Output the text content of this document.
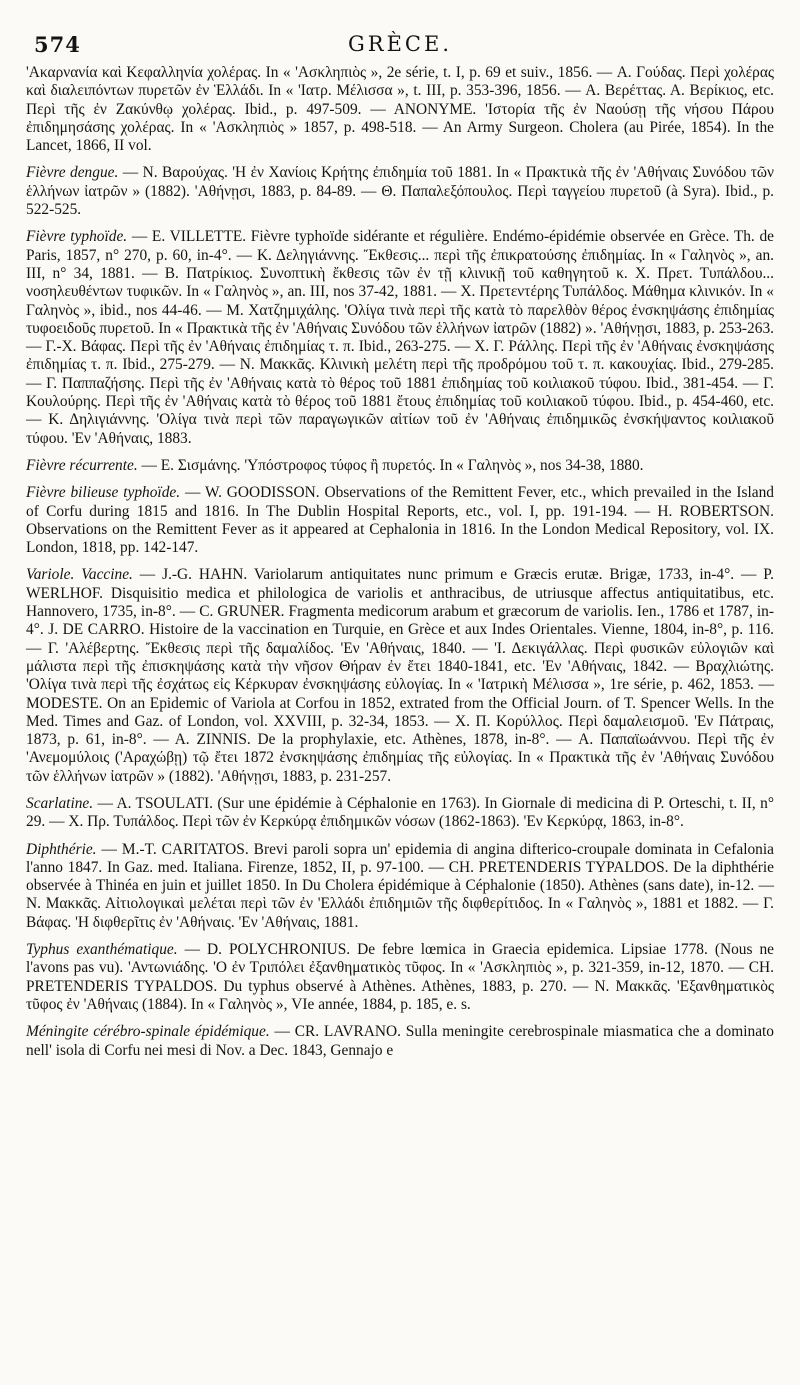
574	GRÈCE.

'Ακαρνανία καὶ Κεφαλληνία χολέρας. In « 'Ασκληπιὸς », 2e série, t. I, p. 69 et suiv., 1856. — Α. Γούδας. Περὶ χολέρας καὶ διαλειπόντων πυρετῶν ἐν Ἑλλάδι. In « 'Ιατρ. Μέλισσα », t. III, p. 353-396, 1856. — Α. Βερέττας. Α. Βερίκιος, etc. Περὶ τῆς ἐν Ζακύνθῳ χολέρας. Ibid., p. 497-509. — ANONYME. 'Ιστορία τῆς ἐν Ναούσῃ τῆς νήσου Πάρου ἐπιδημησάσης χολέρας. In « 'Ασκληπιὸς » 1857, p. 498-518. — An Army Surgeon. Cholera (au Pirée, 1854). In the Lancet, 1866, II vol.

Fièvre dengue. — N. Βαρούχας. 'Η ἐν Χανίοις Κρήτης ἐπιδημία τοῦ 1881. In « Πρακτικὰ τῆς ἐν 'Αθήναις Συνόδου τῶν ἑλλήνων ἰατρῶν » (1882). 'Αθήνῃσι, 1883, p. 84-89. — Θ. Παπαλεξόπουλος. Περὶ ταγγείου πυρετοῦ (à Syra). Ibid., p. 522-525.

Fièvre typhoïde. — E. VILLETTE. Fièvre typhoïde sidérante et régulière. Endémo-épidémie observée en Grèce. Th. de Paris, 1857, n° 270, p. 60, in-4°. — Κ. Δεληγιάννης. Ἔκθεσις... περὶ τῆς ἐπικρατούσης ἐπιδημίας. In « Γαληνὸς », an. III, n° 34, 1881. — Β. Πατρίκιος. Συνοπτικὴ ἔκθεσις τῶν ἐν τῇ κλινικῇ τοῦ καθηγητοῦ κ. Χ. Πρετ. Τυπάλδου... νοσηλευθέντων τυφικῶν. In « Γαληνὸς », an. III, nos 37-42, 1881. — Χ. Πρετεντέρης Τυπάλδος. Μάθημα κλινικόν. In « Γαληνὸς », ibid., nos 44-46. — Μ. Χατζημιχάλης. 'Ολίγα τινὰ περὶ τῆς κατὰ τὸ παρελθὸν θέρος ἐνσκηψάσης ἐπιδημίας τυφοειδοῦς πυρετοῦ. In « Πρακτικὰ τῆς ἐν 'Αθήναις Συνόδου τῶν ἑλλήνων ἰατρῶν (1882) ». 'Αθήνῃσι, 1883, p. 253-263. — Γ.-Χ. Βάφας. Περὶ τῆς ἐν 'Αθήναις ἐπιδημίας τ. π. Ibid., 263-275. — Χ. Γ. Ράλλης. Περὶ τῆς ἐν 'Αθήναις ἐνσκηψάσης ἐπιδημίας τ. π. Ibid., 275-279. — Ν. Μακκᾶς. Κλινικὴ μελέτη περὶ τῆς προδρόμου τοῦ τ. π. κακουχίας. Ibid., 279-285. — Γ. Παππαζήσης. Περὶ τῆς ἐν 'Αθήναις κατὰ τὸ θέρος τοῦ 1881 ἐπιδημίας τοῦ κοιλιακοῦ τύφου. Ibid., 381-454. — Γ. Κουλούρης. Περὶ τῆς ἐν 'Αθήναις κατὰ τὸ θέρος τοῦ 1881 ἔτους ἐπιδημίας τοῦ κοιλιακοῦ τύφου. Ibid., p. 454-460, etc. — Κ. Δηλιγιάννης. 'Ολίγα τινὰ περὶ τῶν παραγωγικῶν αἰτίων τοῦ ἐν 'Αθήναις ἐπιδημικῶς ἐνσκήψαντος κοιλιακοῦ τύφου. 'Εν 'Αθήναις, 1883.

Fièvre récurrente. — Ε. Σισμάνης. 'Υπόστροφος τύφος ἢ πυρετός. In « Γαληνὸς », nos 34-38, 1880.

Fièvre bilieuse typhoïde. — W. GOODISSON. Observations of the Remittent Fever, etc., which prevailed in the Island of Corfu during 1815 and 1816. In The Dublin Hospital Reports, etc., vol. I, pp. 191-194. — H. ROBERTSON. Observations on the Remittent Fever as it appeared at Cephalonia in 1816. In the London Medical Repository, vol. IX. London, 1818, pp. 142-147.

Variole. Vaccine. — J.-G. HAHN. Variolarum antiquitates nunc primum e Græcis erutæ. Brigæ, 1733, in-4°. — P. WERLHOF. Disquisitio medica et philologica de variolis et anthracibus, de utriusque affectus antiquitatibus, etc. Hannovero, 1735, in-8°. — C. GRUNER. Fragmenta medicorum arabum et græcorum de variolis. Ien., 1786 et 1787, in-4°. J. DE CARRO. Histoire de la vaccination en Turquie, en Grèce et aux Indes Orientales. Vienne, 1804, in-8°, p. 116. — Γ. 'Αλέβερτης. Ἔκθεσις περὶ τῆς δαμαλίδος. 'Εν 'Αθήναις, 1840. — 'Ι. Δεκιγάλλας. Περὶ φυσικῶν εὐλογιῶν καὶ μάλιστα περὶ τῆς ἐπισκηψάσης κατὰ τὴν νῆσον Θήραν ἐν ἔτει 1840-1841, etc. 'Εν 'Αθήναις, 1842. — Βραχλιώτης. 'Ολίγα τινὰ περὶ τῆς ἐσχάτως εἰς Κέρκυραν ἐνσκηψάσης εὐλογίας. In « 'Ιατρικὴ Μέλισσα », 1re série, p. 462, 1853. — MODESTE. On an Epidemic of Variola at Corfou in 1852, extrated from the Official Journ. of T. Spencer Wells. In the Med. Times and Gaz. of London, vol. XXVIII, p. 32-34, 1853. — Χ. Π. Κορύλλος. Περὶ δαμαλεισμοῦ. 'Εν Πάτραις, 1873, p. 61, in-8°. — A. ZINNIS. De la prophylaxie, etc. Athènes, 1878, in-8°. — Α. Παπαϊωάννου. Περὶ τῆς ἐν 'Ανεμομύλοις ('Αραχώβῃ) τῷ ἔτει 1872 ἐνσκηψάσης ἐπιδημίας τῆς εὐλογίας. In « Πρακτικὰ τῆς ἐν 'Αθήναις Συνόδου τῶν ἑλλήνων ἰατρῶν » (1882). 'Αθήνῃσι, 1883, p. 231-257.

Scarlatine. — A. TSOULATI. (Sur une épidémie à Céphalonie en 1763). In Giornale di medicina di P. Orteschi, t. II, n° 29. — Χ. Πρ. Τυπάλδος. Περὶ τῶν ἐν Κερκύρᾳ ἐπιδημικῶν νόσων (1862-1863). 'Εν Κερκύρᾳ, 1863, in-8°.

Diphthérie. — M.-T. CARITATOS. Brevi paroli sopra un' epidemia di angina difterico-croupale dominata in Cefalonia l'anno 1847. In Gaz. med. Italiana. Firenze, 1852, II, p. 97-100. — CH. PRETENDERIS TYPALDOS. De la diphthérie observée à Thinéa en juin et juillet 1850. In Du Cholera épidémique à Céphalonie (1850). Athènes (sans date), in-12. — Ν. Μακκᾶς. Αἰτιολογικαὶ μελέται περὶ τῶν ἐν 'Ελλάδι ἐπιδημιῶν τῆς διφθερίτιδος. In « Γαληνὸς », 1881 et 1882. — Γ. Βάφας. 'Η διφθερῖτις ἐν 'Αθήναις. 'Εν 'Αθήναις, 1881.

Typhus exanthématique. — D. POLYCHRONIUS. De febre lœmica in Graecia epidemica. Lipsiae 1778. (Nous ne l'avons pas vu). 'Αντωνιάδης. 'Ο ἐν Τριπόλει ἐξανθηματικὸς τῦφος. In « 'Ασκληπιὸς », p. 321-359, in-12, 1870. — CH. PRETENDERIS TYPALDOS. Du typhus observé à Athènes. Athènes, 1883, p. 270. — Ν. Μακκᾶς. 'Εξανθηματικὸς τῦφος ἐν 'Αθήναις (1884). In « Γαληνὸς », VIe année, 1884, p. 185, e. s.

Méningite cérébro-spinale épidémique. — CR. LAVRANO. Sulla meningite cerebrospinale miasmatica che a dominato nell' isola di Corfu nei mesi di Nov. a Dec. 1843, Gennajo e
